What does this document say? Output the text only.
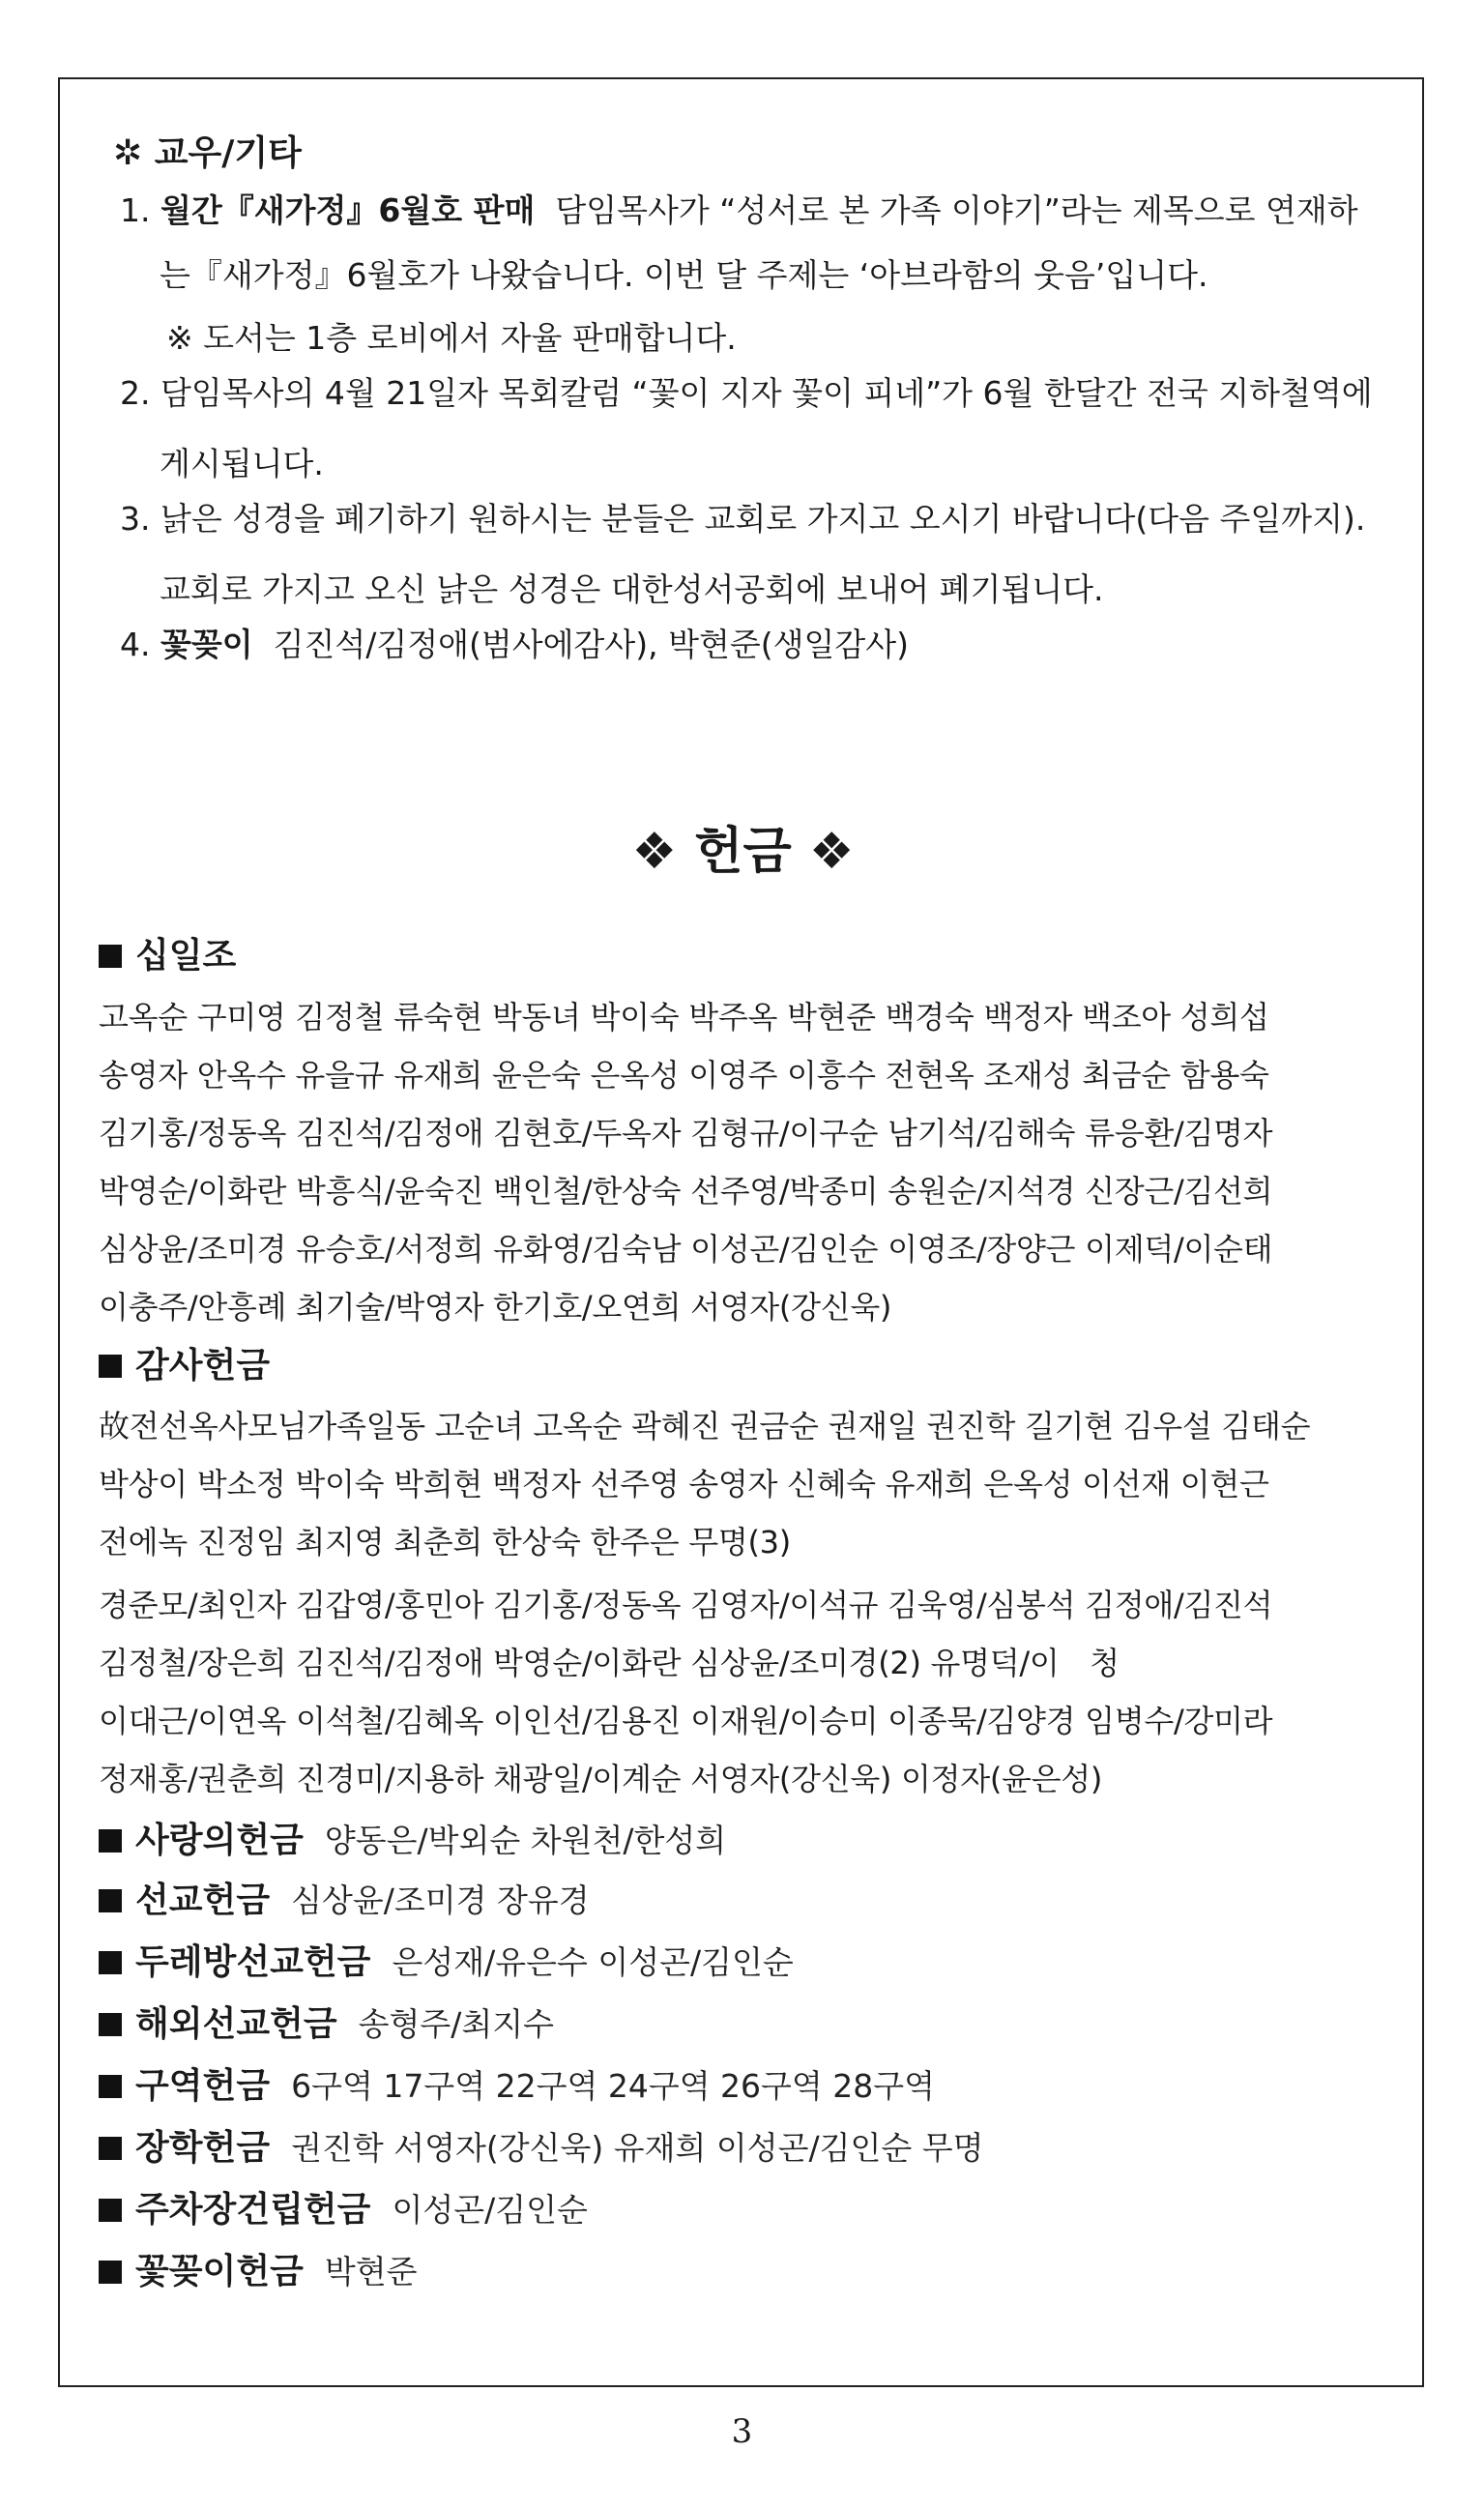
✲ 교우/기타
1. 월간『새가정』6월호 판매 담임목사가 “성서로 본 가족 이야기”라는 제목으로 연재하
는『새가정』6월호가 나왔습니다. 이번 달 주제는 ‘아브라함의 웃음’입니다.
※ 도서는 1층 로비에서 자율 판매합니다.
2. 담임목사의 4월 21일자 목회칼럼 “꽃이 지자 꽃이 피네”가 6월 한달간 전국 지하철역에
게시됩니다.
3. 낡은 성경을 폐기하기 원하시는 분들은 교회로 가지고 오시기 바랍니다(다음 주일까지).
교회로 가지고 오신 낡은 성경은 대한성서공회에 보내어 폐기됩니다.
4. 꽃꽂이 김진석/김정애(범사에감사), 박현준(생일감사)
❖ 헌금 ❖
십일조
고옥순 구미영 김정철 류숙현 박동녀 박이숙 박주옥 박현준 백경숙 백정자 백조아 성희섭
송영자 안옥수 유을규 유재희 윤은숙 은옥성 이영주 이흥수 전현옥 조재성 최금순 함용숙
김기홍/정동옥 김진석/김정애 김현호/두옥자 김형규/이구순 남기석/김해숙 류응환/김명자
박영순/이화란 박흥식/윤숙진 백인철/한상숙 선주영/박종미 송원순/지석경 신장근/김선희
심상윤/조미경 유승호/서정희 유화영/김숙남 이성곤/김인순 이영조/장양근 이제덕/이순태
이충주/안흥례 최기술/박영자 한기호/오연희 서영자(강신욱)
감사헌금
故전선옥사모님가족일동 고순녀 고옥순 곽혜진 권금순 권재일 권진학 길기현 김우설 김태순
박상이 박소정 박이숙 박희현 백정자 선주영 송영자 신혜숙 유재희 은옥성 이선재 이현근
전에녹 진정임 최지영 최춘희 한상숙 한주은 무명(3)
경준모/최인자 김갑영/홍민아 김기홍/정동옥 김영자/이석규 김욱영/심봉석 김정애/김진석
김정철/장은희 김진석/김정애 박영순/이화란 심상윤/조미경(2) 유명덕/이　청
이대근/이연옥 이석철/김혜옥 이인선/김용진 이재원/이승미 이종묵/김양경 임병수/강미라
정재홍/권춘희 진경미/지용하 채광일/이계순 서영자(강신욱) 이정자(윤은성)
사랑의헌금 양동은/박외순 차원천/한성희
선교헌금 심상윤/조미경 장유경
두레방선교헌금 은성재/유은수 이성곤/김인순
해외선교헌금 송형주/최지수
구역헌금 6구역 17구역 22구역 24구역 26구역 28구역
장학헌금 권진학 서영자(강신욱) 유재희 이성곤/김인순 무명
주차장건립헌금 이성곤/김인순
꽃꽂이헌금 박현준
3
